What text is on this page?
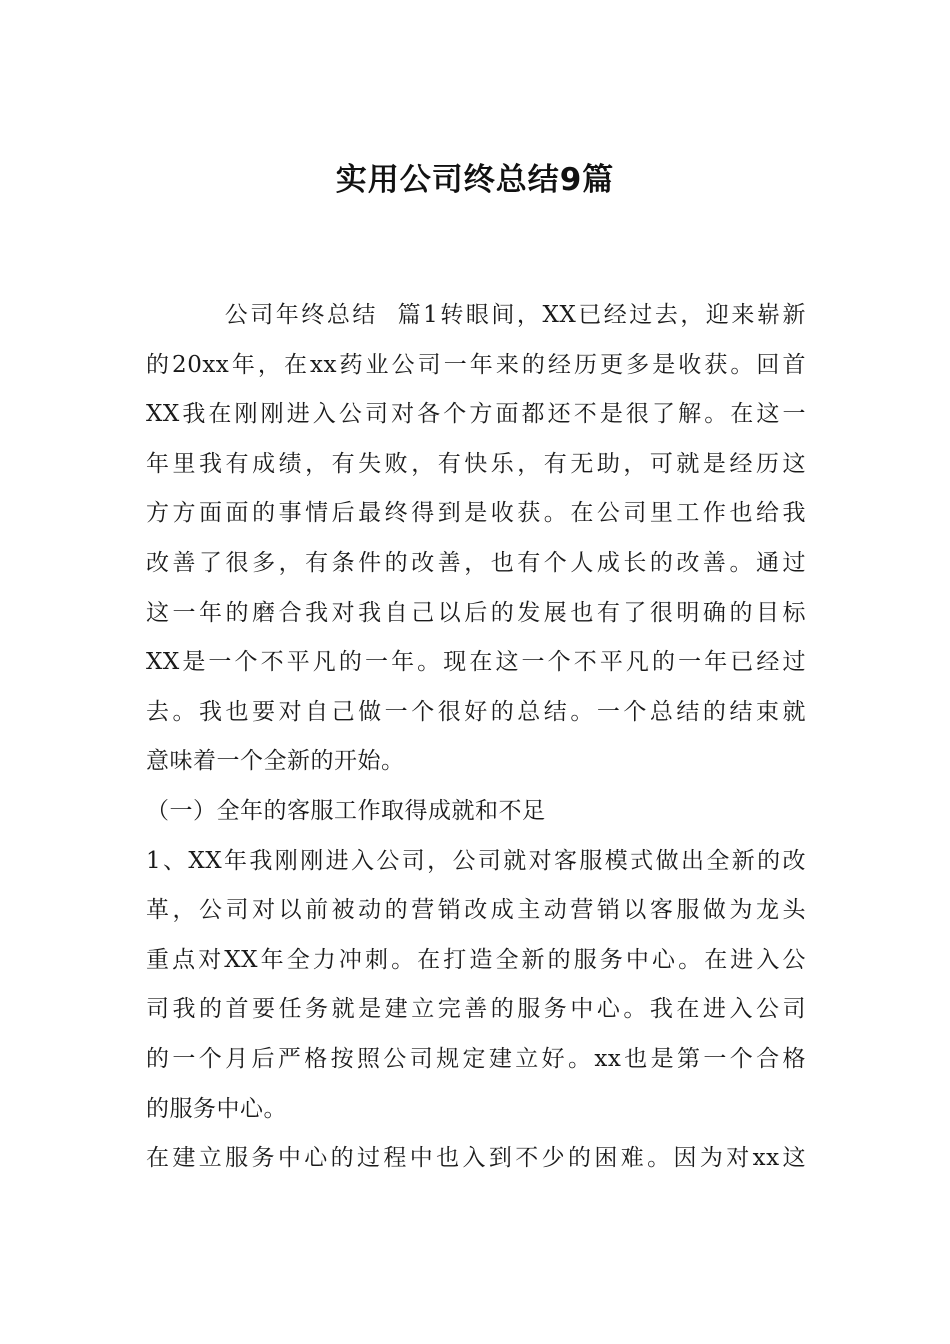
实用公司终总结9篇
公司年终总结  篇1转眼间，XX已经过去，迎来崭新
的20xx年，在xx药业公司一年来的经历更多是收获。回首
XX我在刚刚进入公司对各个方面都还不是很了解。在这一
年里我有成绩，有失败，有快乐，有无助，可就是经历这
方方面面的事情后最终得到是收获。在公司里工作也给我
改善了很多，有条件的改善，也有个人成长的改善。通过
这一年的磨合我对我自己以后的发展也有了很明确的目标
XX是一个不平凡的一年。现在这一个不平凡的一年已经过
去。我也要对自己做一个很好的总结。一个总结的结束就
意味着一个全新的开始。
（一）全年的客服工作取得成就和不足
1、XX年我刚刚进入公司，公司就对客服模式做出全新的改
革，公司对以前被动的营销改成主动营销以客服做为龙头
重点对XX年全力冲刺。在打造全新的服务中心。在进入公
司我的首要任务就是建立完善的服务中心。我在进入公司
的一个月后严格按照公司规定建立好。xx也是第一个合格
的服务中心。
在建立服务中心的过程中也入到不少的困难。因为对xx这
